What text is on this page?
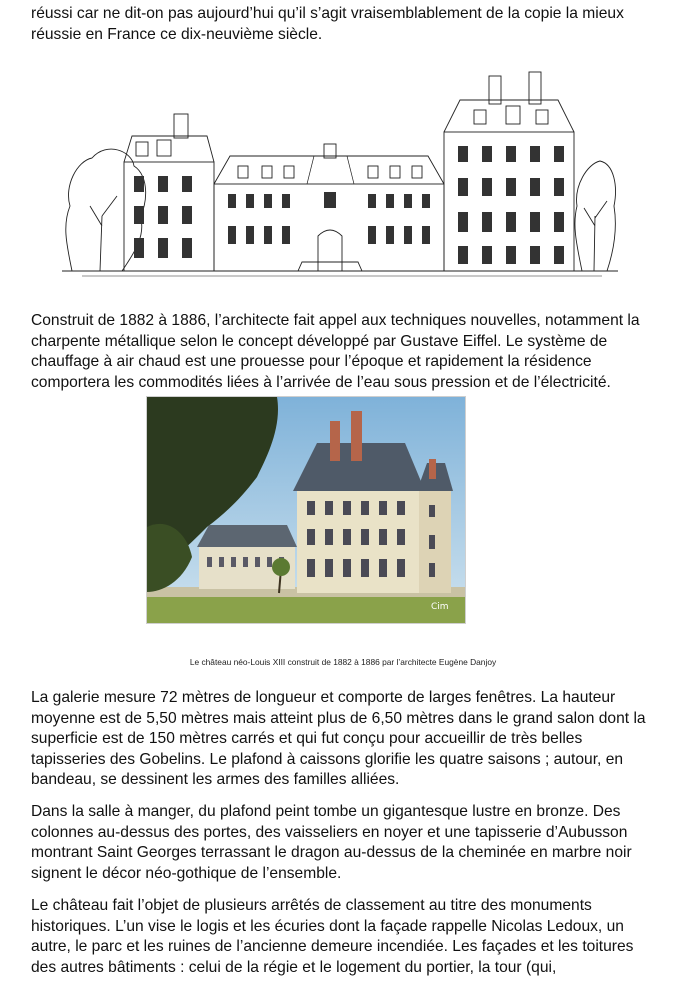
réussi car ne dit-on pas aujourd’hui qu’il s’agit vraisemblablement de la copie la mieux
réussie en France ce dix-neuvième siècle.

Construit de 1882 à 1886, l’architecte fait appel aux techniques nouvelles, notamment la
charpente métallique selon le concept développé par Gustave Eiffel. Le système de
chauffage à air chaud est une prouesse pour l’époque et rapidement la résidence
comportera les commodités liées à l’arrivée de l’eau sous pression et de l’électricité.

Cim
Le château néo-Louis XIII construit de 1882 à 1886 par l’architecte Eugène Danjoy

La galerie mesure 72 mètres de longueur et comporte de larges fenêtres. La hauteur
moyenne est de 5,50 mètres mais atteint plus de 6,50 mètres dans le grand salon dont la
superficie est de 150 mètres carrés et qui fut conçu pour accueillir de très belles
tapisseries des Gobelins. Le plafond à caissons glorifie les quatre saisons ; autour, en
bandeau, se dessinent les armes des familles alliées.

Dans la salle à manger, du plafond peint tombe un gigantesque lustre en bronze. Des
colonnes au-dessus des portes, des vaisseliers en noyer et une tapisserie d’Aubusson
montrant Saint Georges terrassant le dragon au-dessus de la cheminée en marbre noir
signent le décor néo-gothique de l’ensemble.

Le château fait l’objet de plusieurs arrêtés de classement au titre des monuments
historiques. L’un vise le logis et les écuries dont la façade rappelle Nicolas Ledoux, un
autre, le parc et les ruines de l’ancienne demeure incendiée. Les façades et les toitures
des autres bâtiments : celui de la régie et le logement du portier, la tour (qui,
